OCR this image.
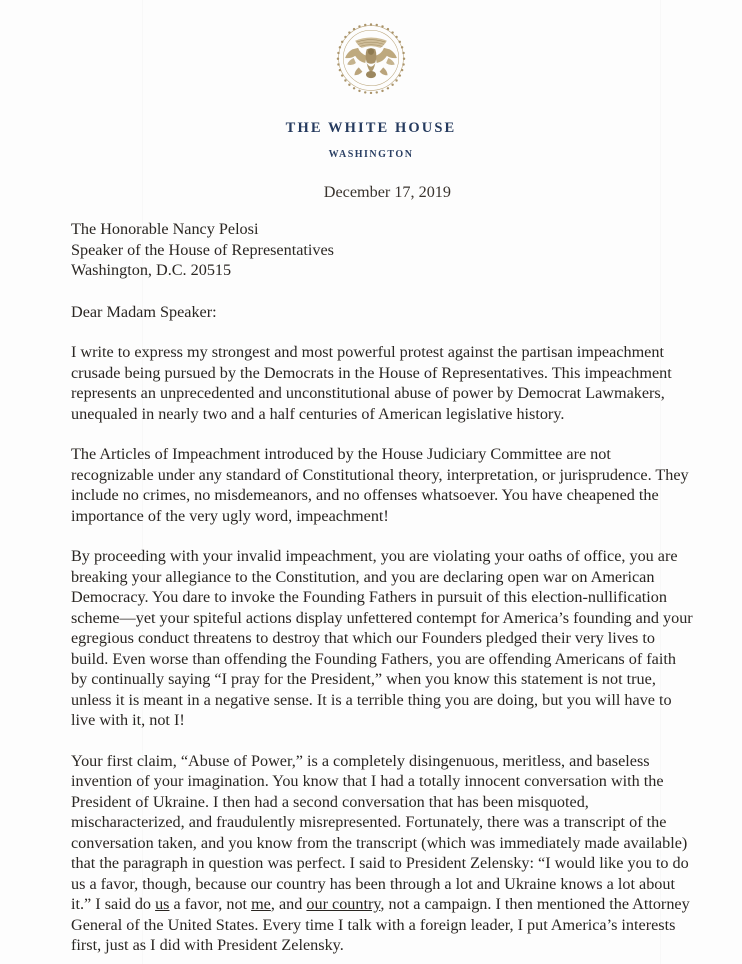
THE WHITE HOUSE
WASHINGTON
December 17, 2019
The Honorable Nancy Pelosi
Speaker of the House of Representatives
Washington, D.C. 20515
Dear Madam Speaker:

I write to express my strongest and most powerful protest against the partisan impeachment crusade being pursued by the Democrats in the House of Representatives. This impeachment represents an unprecedented and unconstitutional abuse of power by Democrat Lawmakers, unequaled in nearly two and a half centuries of American legislative history.

The Articles of Impeachment introduced by the House Judiciary Committee are not recognizable under any standard of Constitutional theory, interpretation, or jurisprudence. They include no crimes, no misdemeanors, and no offenses whatsoever. You have cheapened the importance of the very ugly word, impeachment!

By proceeding with your invalid impeachment, you are violating your oaths of office, you are breaking your allegiance to the Constitution, and you are declaring open war on American Democracy. You dare to invoke the Founding Fathers in pursuit of this election-nullification scheme—yet your spiteful actions display unfettered contempt for America’s founding and your egregious conduct threatens to destroy that which our Founders pledged their very lives to build. Even worse than offending the Founding Fathers, you are offending Americans of faith by continually saying “I pray for the President,” when you know this statement is not true, unless it is meant in a negative sense. It is a terrible thing you are doing, but you will have to live with it, not I!

Your first claim, “Abuse of Power,” is a completely disingenuous, meritless, and baseless invention of your imagination. You know that I had a totally innocent conversation with the President of Ukraine. I then had a second conversation that has been misquoted, mischaracterized, and fraudulently misrepresented. Fortunately, there was a transcript of the conversation taken, and you know from the transcript (which was immediately made available) that the paragraph in question was perfect. I said to President Zelensky: “I would like you to do us a favor, though, because our country has been through a lot and Ukraine knows a lot about it.” I said do us a favor, not me, and our country, not a campaign. I then mentioned the Attorney General of the United States. Every time I talk with a foreign leader, I put America’s interests first, just as I did with President Zelensky.
